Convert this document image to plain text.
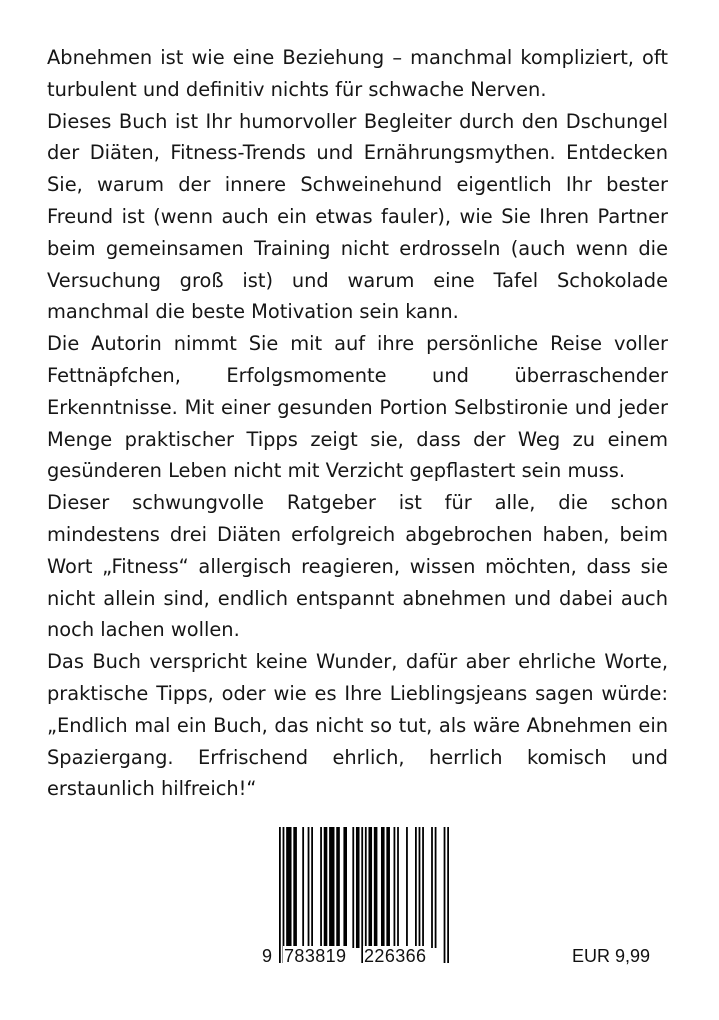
Abnehmen ist wie eine Beziehung – manchmal kompliziert, oft turbulent und definitiv nichts für schwache Nerven.

Dieses Buch ist Ihr humorvoller Begleiter durch den Dschungel der Diäten, Fitness-Trends und Ernährungsmythen. Entdecken Sie, warum der innere Schweinehund eigentlich Ihr bester Freund ist (wenn auch ein etwas fauler), wie Sie Ihren Partner beim gemeinsamen Training nicht erdrosseln (auch wenn die Versuchung groß ist) und warum eine Tafel Schokolade manchmal die beste Motivation sein kann.

Die Autorin nimmt Sie mit auf ihre persönliche Reise voller Fettnäpfchen, Erfolgsmomente und überraschender Erkenntnisse. Mit einer gesunden Portion Selbstironie und jeder Menge praktischer Tipps zeigt sie, dass der Weg zu einem gesünderen Leben nicht mit Verzicht gepflastert sein muss.

Dieser schwungvolle Ratgeber ist für alle, die schon mindestens drei Diäten erfolgreich abgebrochen haben, beim Wort „Fitness“ allergisch reagieren, wissen möchten, dass sie nicht allein sind, endlich entspannt abnehmen und dabei auch noch lachen wollen.

Das Buch verspricht keine Wunder, dafür aber ehrliche Worte, praktische Tipps, oder wie es Ihre Lieblingsjeans sagen würde: „Endlich mal ein Buch, das nicht so tut, als wäre Abnehmen ein Spaziergang. Erfrischend ehrlich, herrlich komisch und erstaunlich hilfreich!“

9 783819 226366	EUR 9,99
